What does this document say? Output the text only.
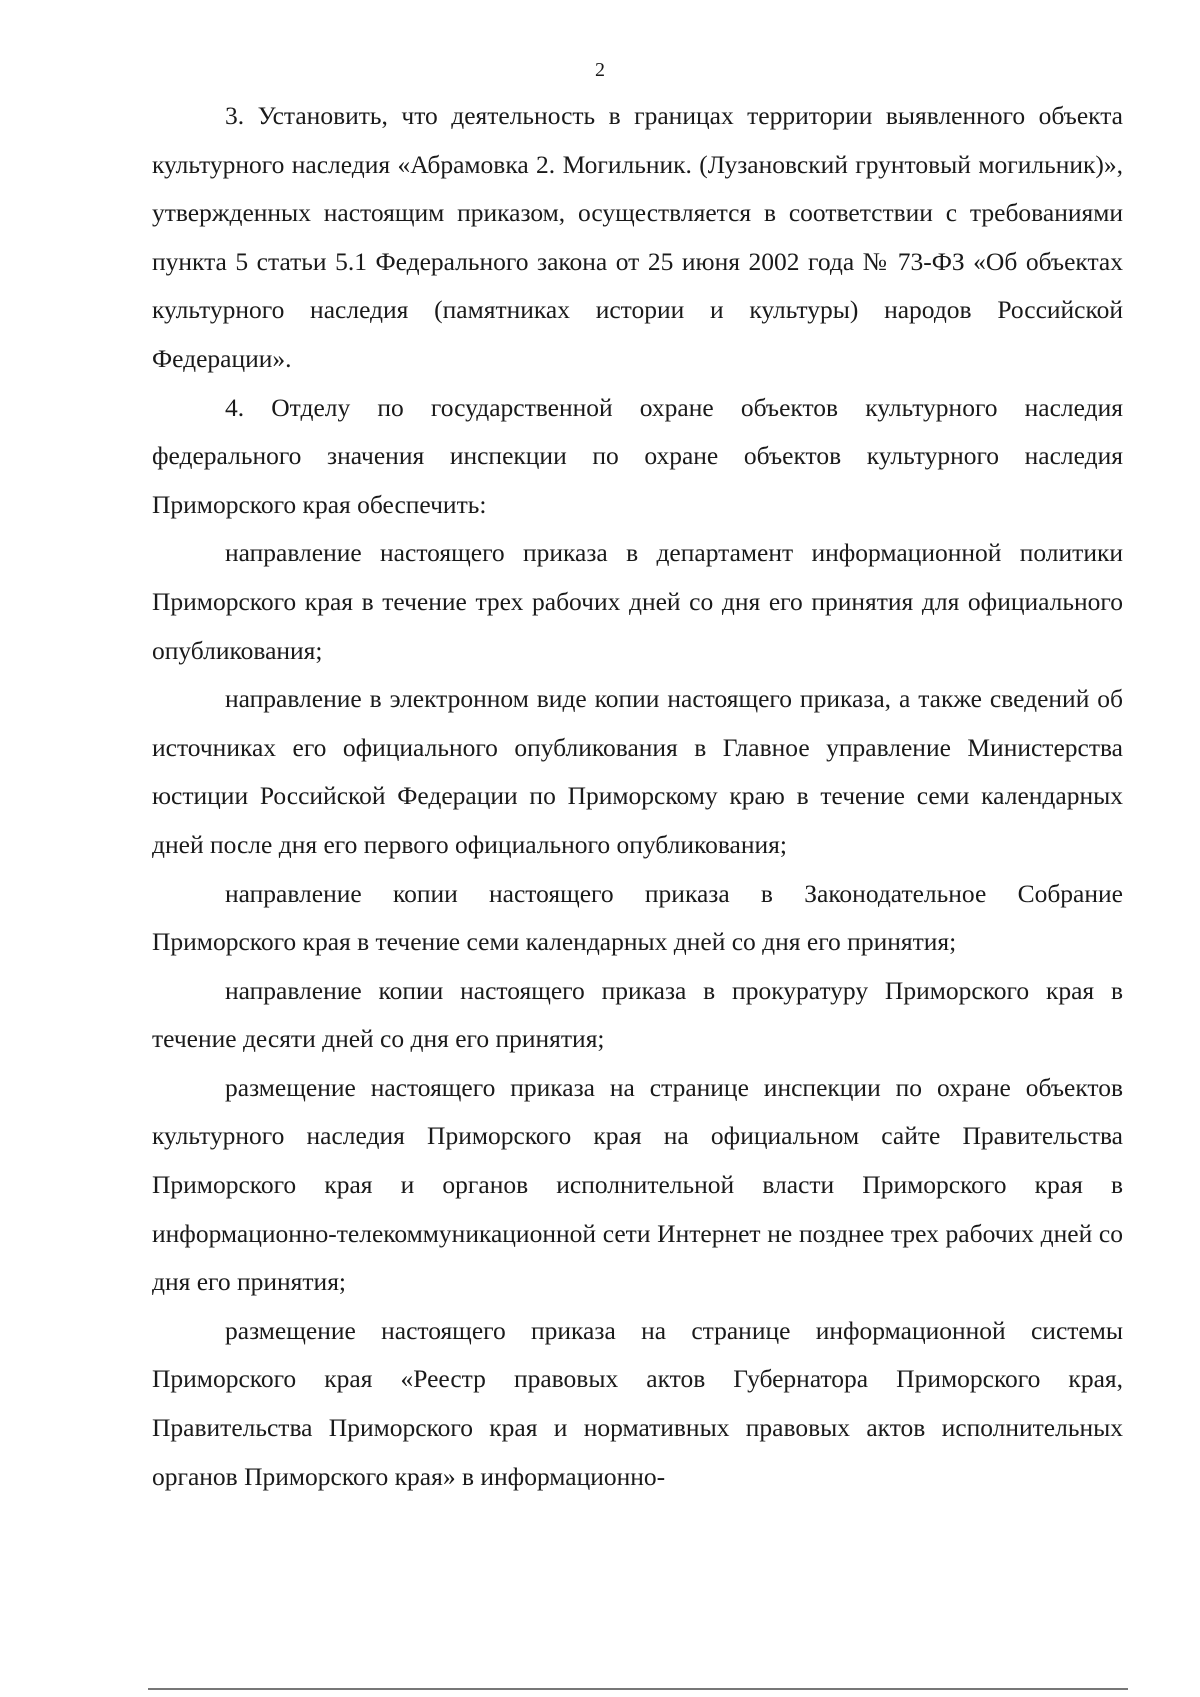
2

3. Установить, что деятельность в границах территории выявленного объекта культурного наследия «Абрамовка 2. Могильник. (Лузановский грунтовый могильник)», утвержденных настоящим приказом, осуществляется в соответствии с требованиями пункта 5 статьи 5.1 Федерального закона от 25 июня 2002 года № 73-ФЗ «Об объектах культурного наследия (памятниках истории и культуры) народов Российской Федерации».

4. Отделу по государственной охране объектов культурного наследия федерального значения инспекции по охране объектов культурного наследия Приморского края обеспечить:

направление настоящего приказа в департамент информационной политики Приморского края в течение трех рабочих дней со дня его принятия для официального опубликования;

направление в электронном виде копии настоящего приказа, а также сведений об источниках его официального опубликования в Главное управление Министерства юстиции Российской Федерации по Приморскому краю в течение семи календарных дней после дня его первого официального опубликования;

направление копии настоящего приказа в Законодательное Собрание Приморского края в течение семи календарных дней со дня его принятия;

направление копии настоящего приказа в прокуратуру Приморского края в течение десяти дней со дня его принятия;

размещение настоящего приказа на странице инспекции по охране объектов культурного наследия Приморского края на официальном сайте Правительства Приморского края и органов исполнительной власти Приморского края в информационно-телекоммуникационной сети Интернет не позднее трех рабочих дней со дня его принятия;

размещение настоящего приказа на странице информационной системы Приморского края «Реестр правовых актов Губернатора Приморского края, Правительства Приморского края и нормативных правовых актов исполнительных органов Приморского края» в информационно-
